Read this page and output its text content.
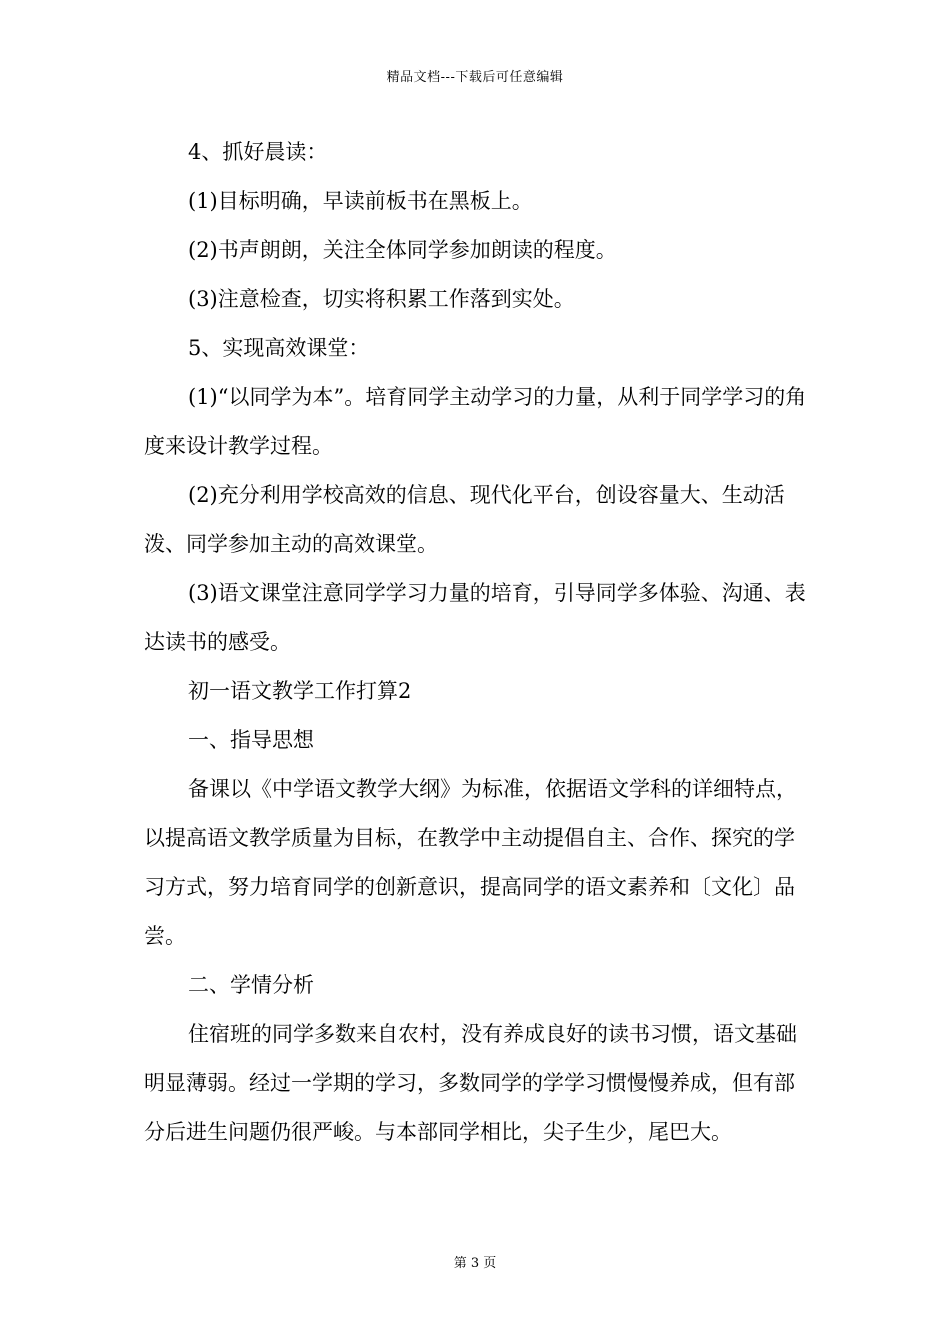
精品文档---下载后可任意编辑

4、抓好晨读：

(1)目标明确，早读前板书在黑板上。

(2)书声朗朗，关注全体同学参加朗读的程度。

(3)注意检查，切实将积累工作落到实处。

5、实现高效课堂：

(1)“以同学为本”。培育同学主动学习的力量，从利于同学学习的角度来设计教学过程。

(2)充分利用学校高效的信息、现代化平台，创设容量大、生动活泼、同学参加主动的高效课堂。

(3)语文课堂注意同学学习力量的培育，引导同学多体验、沟通、表达读书的感受。

初一语文教学工作打算2

一、指导思想

备课以《中学语文教学大纲》为标准，依据语文学科的详细特点，以提高语文教学质量为目标，在教学中主动提倡自主、合作、探究的学习方式，努力培育同学的创新意识，提高同学的语文素养和〔文化〕品尝。

二、学情分析

住宿班的同学多数来自农村，没有养成良好的读书习惯，语文基础明显薄弱。经过一学期的学习，多数同学的学学习惯慢慢养成，但有部分后进生问题仍很严峻。与本部同学相比，尖子生少，尾巴大。

第 3 页
